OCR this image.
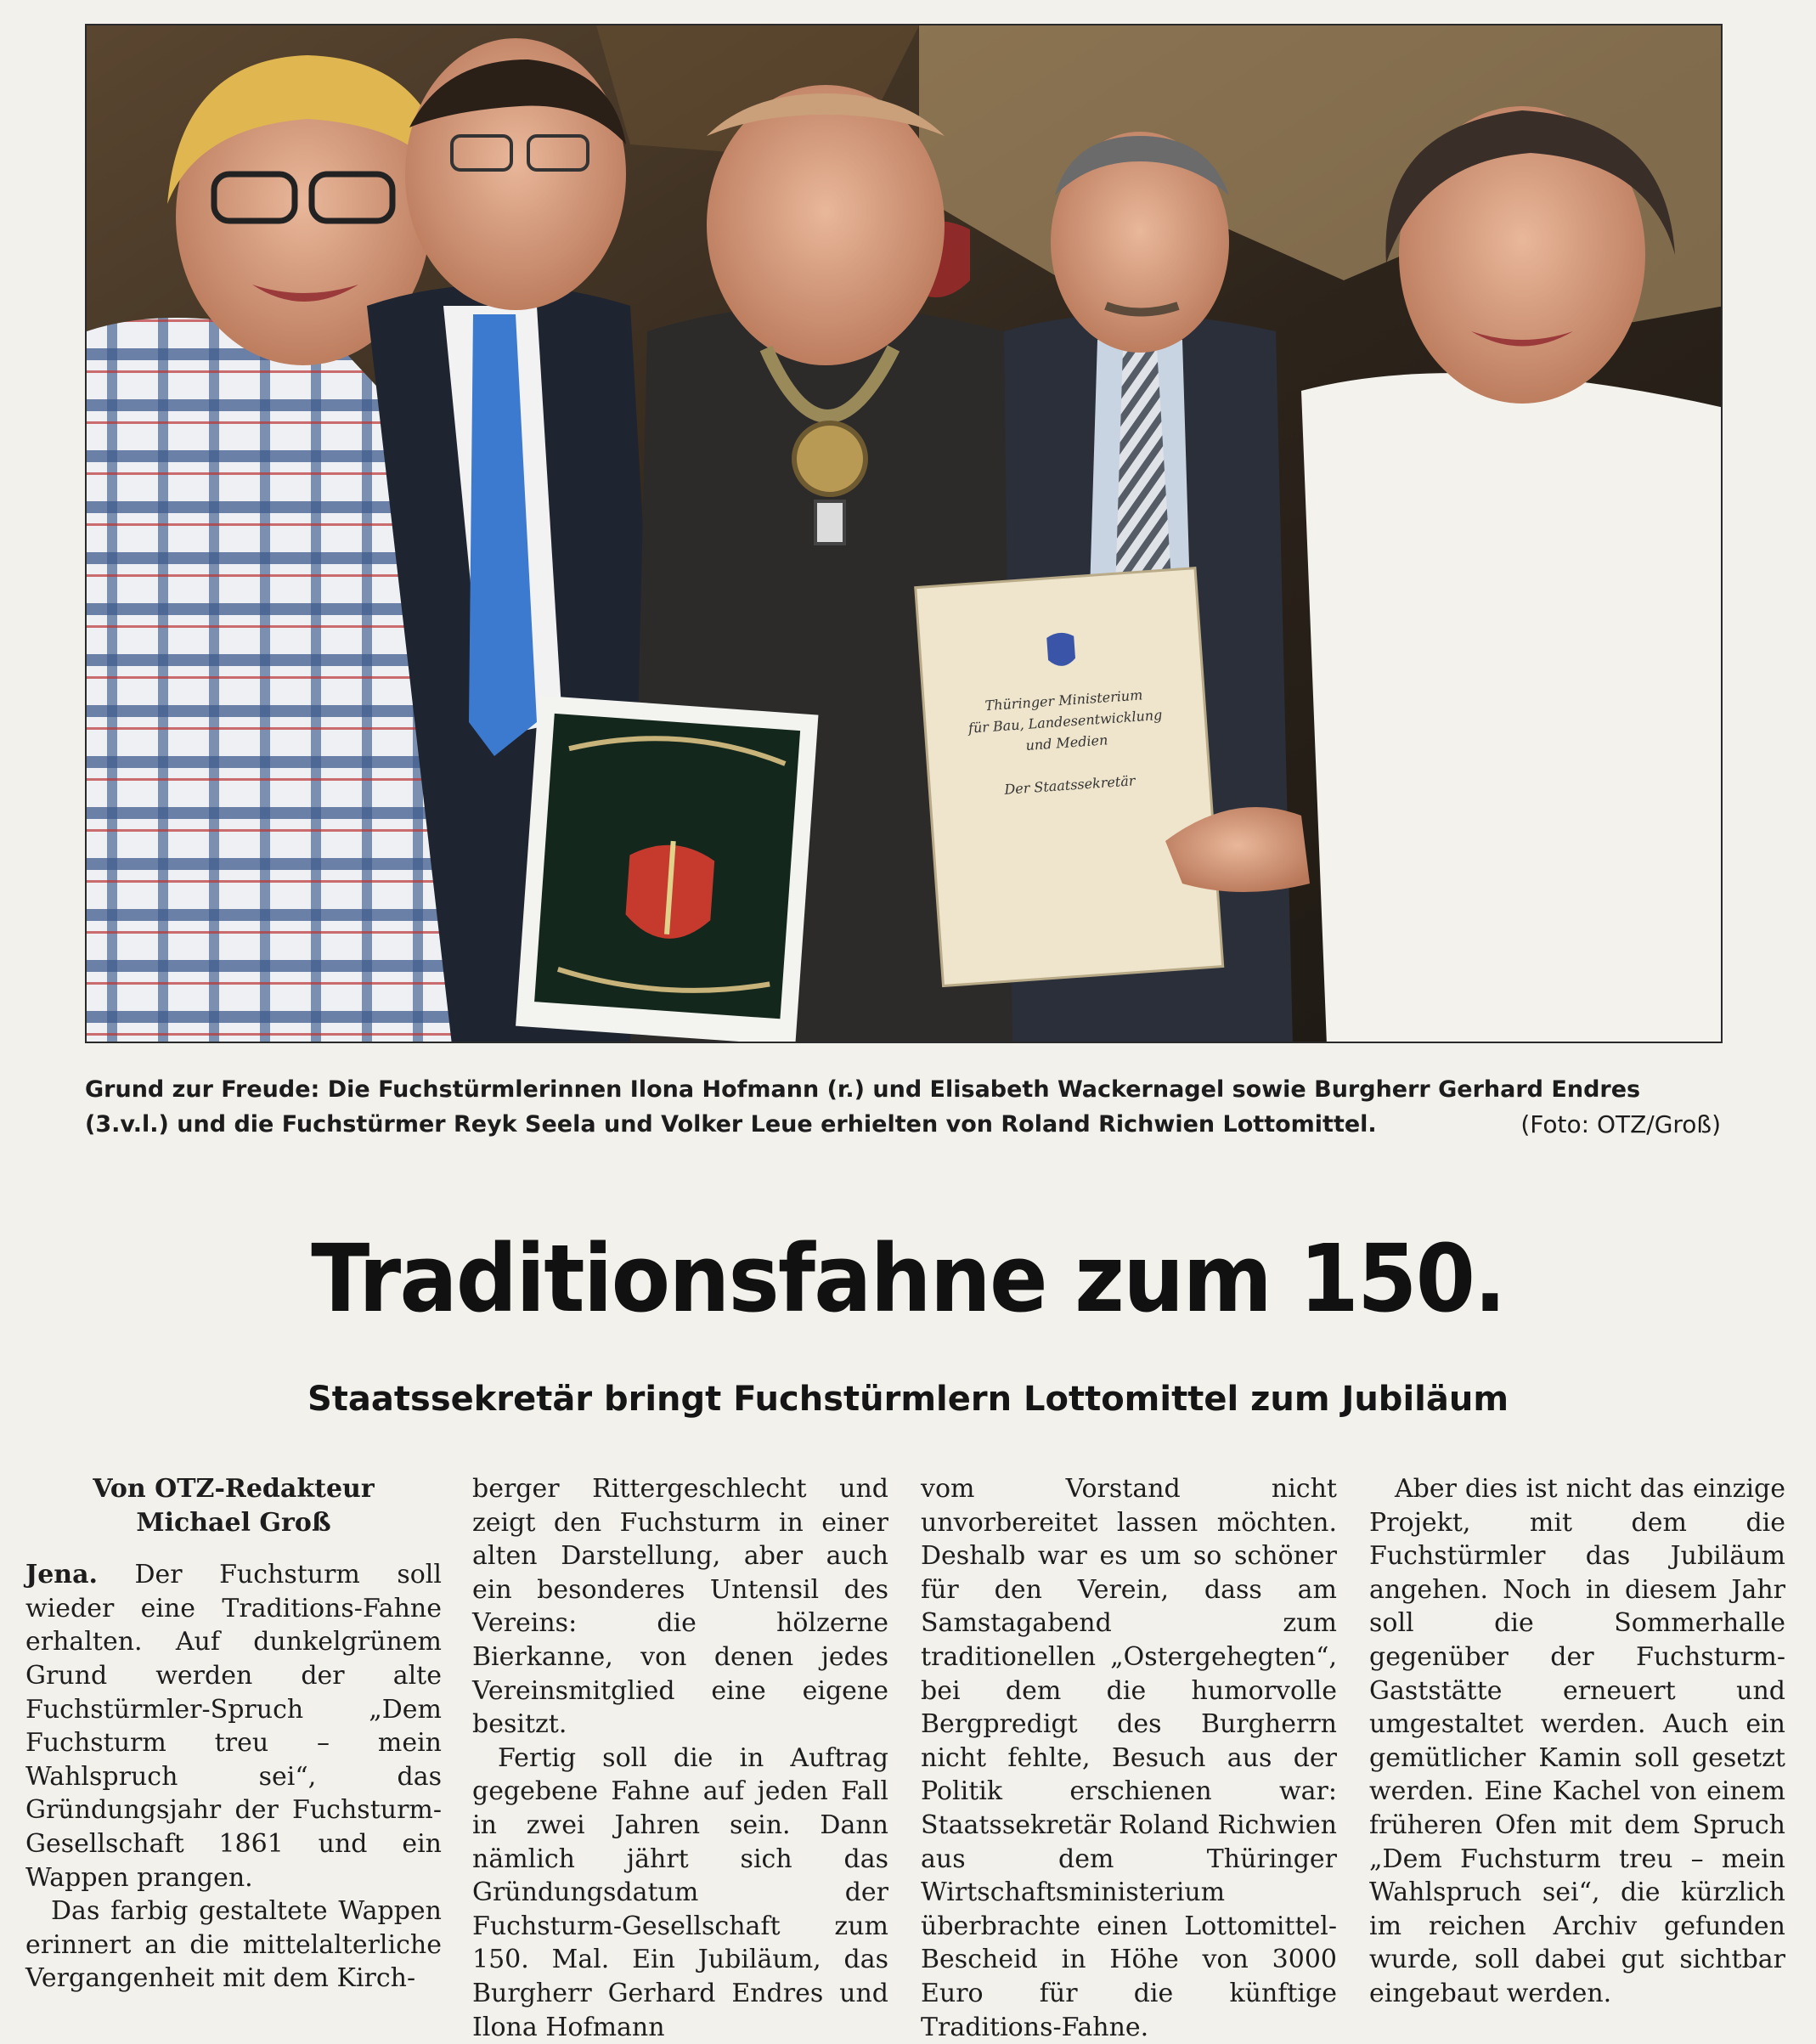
Thüringer Ministerium
für Bau, Landesentwicklung
und Medien
Der Staatssekretär
Grund zur Freude: Die Fuchstürmlerinnen Ilona Hofmann (r.) und Elisabeth Wackernagel sowie Burgherr Gerhard Endres (3.v.l.) und die Fuchstürmer Reyk Seela und Volker Leue erhielten von Roland Richwien Lottomittel.	(Foto: OTZ/Groß)
Traditionsfahne zum 150.
Staatssekretär bringt Fuchstürmlern Lottomittel zum Jubiläum

Von OTZ-Redakteur
Michael Groß

Jena. Der Fuchsturm soll wieder eine Traditions-Fahne erhalten. Auf dunkelgrünem Grund werden der alte Fuchstürmler-Spruch „Dem Fuchsturm treu – mein Wahlspruch sei“, das Gründungsjahr der Fuchsturm-Gesellschaft 1861 und ein Wappen prangen.

Das farbig gestaltete Wappen erinnert an die mittelalterliche Vergangenheit mit dem Kirch-

berger Rittergeschlecht und zeigt den Fuchsturm in einer alten Darstellung, aber auch ein besonderes Untensil des Vereins: die hölzerne Bierkanne, von denen jedes Vereinsmitglied eine eigene besitzt.

Fertig soll die in Auftrag gegebene Fahne auf jeden Fall in zwei Jahren sein. Dann nämlich jährt sich das Gründungsdatum der Fuchsturm-Gesellschaft zum 150. Mal. Ein Jubiläum, das Burgherr Gerhard Endres und Ilona Hofmann

vom Vorstand nicht unvorbereitet lassen möchten. Deshalb war es um so schöner für den Verein, dass am Samstagabend zum traditionellen „Ostergehegten“, bei dem die humorvolle Bergpredigt des Burgherrn nicht fehlte, Besuch aus der Politik erschienen war: Staatssekretär Roland Richwien aus dem Thüringer Wirtschaftsministerium überbrachte einen Lottomittel-Bescheid in Höhe von 3000 Euro für die künftige Traditions-Fahne.

Aber dies ist nicht das einzige Projekt, mit dem die Fuchstürmler das Jubiläum angehen. Noch in diesem Jahr soll die Sommerhalle gegenüber der Fuchsturm-Gaststätte erneuert und umgestaltet werden. Auch ein gemütlicher Kamin soll gesetzt werden. Eine Kachel von einem früheren Ofen mit dem Spruch „Dem Fuchsturm treu – mein Wahlspruch sei“, die kürzlich im reichen Archiv gefunden wurde, soll dabei gut sichtbar eingebaut werden.
